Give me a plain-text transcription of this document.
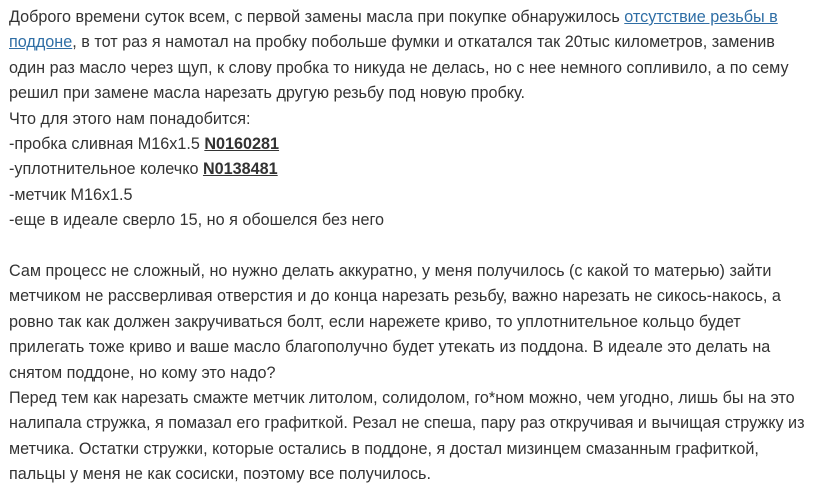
Доброго времени суток всем, с первой замены масла при покупке обнаружилось отсутствие резьбы в поддоне, в тот раз я намотал на пробку побольше фумки и откатался так 20тыс километров, заменив один раз масло через щуп, к слову пробка то никуда не делась, но с нее немного сопливило, а по сему решил при замене масла нарезать другую резьбу под новую пробку.

Что для этого нам понадобится:

-пробка сливная М16х1.5 N0160281

-уплотнительное колечко N0138481

-метчик М16х1.5

-еще в идеале сверло 15, но я обошелся без него

Сам процесс не сложный, но нужно делать аккуратно, у меня получилось (с какой то матерью) зайти метчиком не рассверливая отверстия и до конца нарезать резьбу, важно нарезать не сикось-накось, а ровно так как должен закручиваться болт, если нарежете криво, то уплотнительное кольцо будет прилегать тоже криво и ваше масло благополучно будет утекать из поддона. В идеале это делать на снятом поддоне, но кому это надо?

Перед тем как нарезать смажте метчик литолом, солидолом, го*ном можно, чем угодно, лишь бы на это налипала стружка, я помазал его графиткой. Резал не спеша, пару раз откручивая и вычищая стружку из метчика. Остатки стружки, которые остались в поддоне, я достал мизинцем смазанным графиткой, пальцы у меня не как сосиски, поэтому все получилось.
